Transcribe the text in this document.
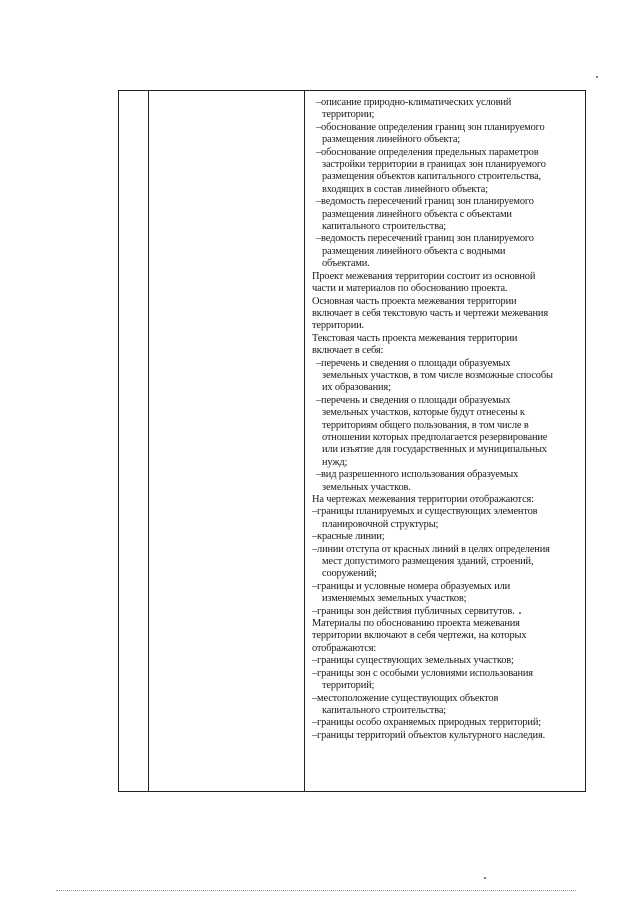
–описание природно-климатических условий
территории;
–обоснование определения границ зон планируемого
размещения линейного объекта;
–обоснование определения предельных параметров
застройки территории в границах зон планируемого
размещения объектов капитального строительства,
входящих в состав линейного объекта;
–ведомость пересечений границ зон планируемого
размещения линейного объекта с объектами
капитального строительства;
–ведомость пересечений границ зон планируемого
размещения линейного объекта с водными
объектами.
Проект межевания территории состоит из основной
части и материалов по обоснованию проекта.
Основная часть проекта межевания территории
включает в себя текстовую часть и чертежи межевания
территории.
Текстовая часть проекта межевания территории
включает в себя:
–перечень и сведения о площади образуемых
земельных участков, в том числе возможные способы
их образования;
–перечень и сведения о площади образуемых
земельных участков, которые будут отнесены к
территориям общего пользования, в том числе в
отношении которых предполагается резервирование
или изъятие для государственных и муниципальных
нужд;
–вид разрешенного использования образуемых
земельных участков.
На чертежах межевания территории отображаются:
–границы планируемых и существующих элементов
планировочной структуры;
–красные линии;
–линии отступа от красных линий в целях определения
мест допустимого размещения зданий, строений,
сооружений;
–границы и условные номера образуемых или
изменяемых земельных участков;
–границы зон действия публичных сервитутов.
Материалы по обоснованию проекта межевания
территории включают в себя чертежи, на которых
отображаются:
–границы существующих земельных участков;
–границы зон с особыми условиями использования
территорий;
–местоположение существующих объектов
капитального строительства;
–границы особо охраняемых природных территорий;
–границы территорий объектов культурного наследия.
